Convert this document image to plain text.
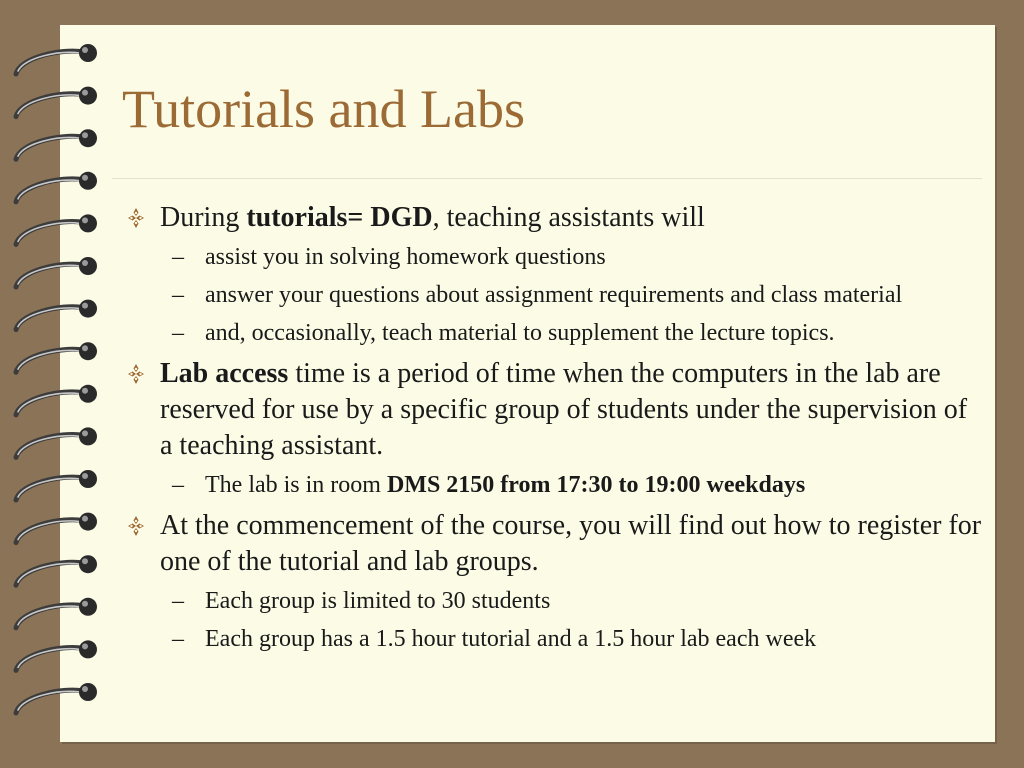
Tutorials and Labs
During tutorials= DGD, teaching assistants will
– assist you in solving homework questions
– answer your questions about assignment requirements and class material
– and, occasionally, teach material to supplement the lecture topics.
Lab access time is a period of time when the computers in the lab are reserved for use by a specific group of students under the supervision of a teaching assistant.
– The lab is in room DMS 2150 from 17:30 to 19:00 weekdays
At the commencement of the course, you will find out how to register for one of the tutorial and lab groups.
– Each group is limited to 30 students
– Each group has a 1.5 hour tutorial and a 1.5 hour lab each week
